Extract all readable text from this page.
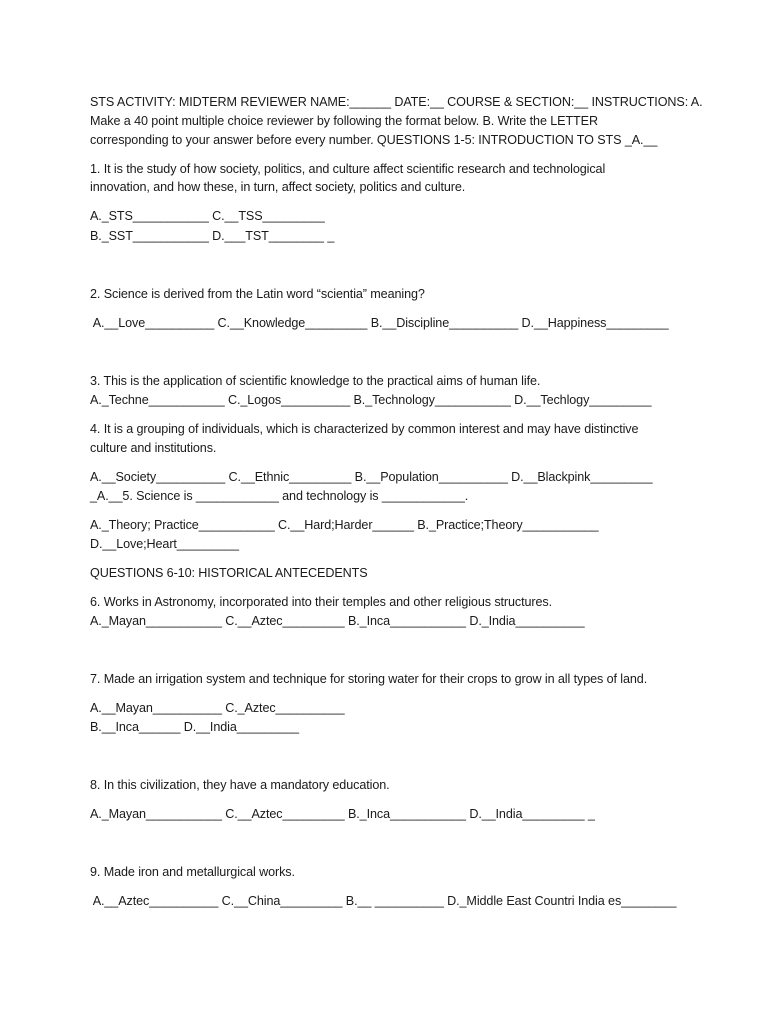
STS ACTIVITY: MIDTERM REVIEWER NAME:______ DATE:__ COURSE & SECTION:__ INSTRUCTIONS: A.
Make a 40 point multiple choice reviewer by following the format below. B. Write the LETTER
corresponding to your answer before every number. QUESTIONS 1-5: INTRODUCTION TO STS _A.__
1. It is the study of how society, politics, and culture affect scientific research and technological
innovation, and how these, in turn, affect society, politics and culture.
A._STS___________ C.__TSS_________
B._SST___________ D.___TST________ _
2. Science is derived from the Latin word “scientia” meaning?
A.__Love__________ C.__Knowledge_________ B.__Discipline__________ D.__Happiness_________
3. This is the application of scientific knowledge to the practical aims of human life.
A._Techne___________ C._Logos__________ B._Technology___________ D.__Techlogy_________
4. It is a grouping of individuals, which is characterized by common interest and may have distinctive
culture and institutions.
A.__Society__________ C.__Ethnic_________ B.__Population__________ D.__Blackpink_________
_A.__5. Science is ____________ and technology is ____________.
A._Theory; Practice___________ C.__Hard;Harder______ B._Practice;Theory___________
D.__Love;Heart_________
QUESTIONS 6-10: HISTORICAL ANTECEDENTS
6. Works in Astronomy, incorporated into their temples and other religious structures.
A._Mayan___________ C.__Aztec_________ B._Inca___________ D._India__________
7. Made an irrigation system and technique for storing water for their crops to grow in all types of land.
A.__Mayan__________ C._Aztec__________
B.__Inca______ D.__India_________
8. In this civilization, they have a mandatory education.
A._Mayan___________ C.__Aztec_________ B._Inca___________ D.__India_________ _
9. Made iron and metallurgical works.
A.__Aztec__________ C.__China_________ B.__ __________ D._Middle East Countri India es________
